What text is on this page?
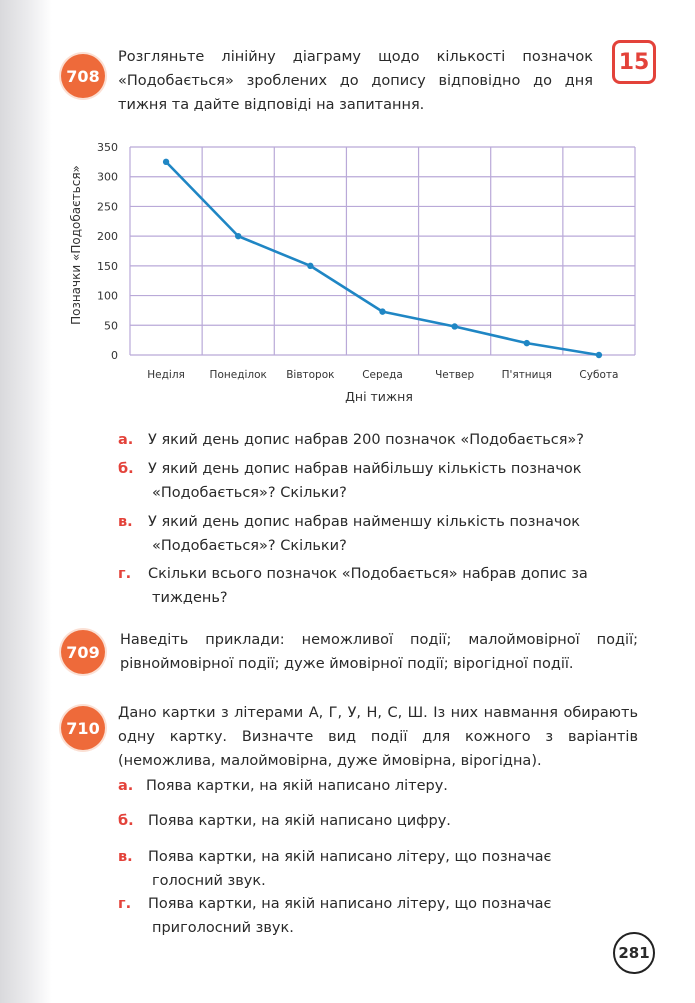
15
708
Розгляньте лінійну діаграму щодо кількості позначок
«Подобається» зроблених до допису відповідно до дня
тижня та дайте відповіді на запитання.
0
50
100
150
200
250
300
350
Неділя Понеділок Вівторок	Середа	Четвер	П'ятниця	Субота
Позначки «Подобається»
Дні тижня
а.	У який день допис набрав 200 позначок «Подобається»?
б. У який день допис набрав найбільшу кількість позначок
«Подобається»? Скільки?
в.	У який день допис набрав найменшу кількість позначок
«Подобається»? Скільки?
г.	Скільки всього позначок «Подобається» набрав допис за
тиждень?
709
Наведіть приклади: неможливої події; малоймовірної події;
рівноймовірної події; дуже ймовірної події; вірогідної події.
710
Дано картки з літерами А, Г, У, Н, С, Ш. Із них навмання обирають
одну картку. Визначте вид події для кожного з варіантів
(неможлива, малоймовірна, дуже ймовірна, вірогідна).
а. Поява картки, на якій написано літеру.
б. Поява картки, на якій написано цифру.
в.	Поява картки, на якій написано літеру, що позначає
голосний звук.
г.	Поява картки, на якій написано літеру, що позначає
приголосний звук.
281
